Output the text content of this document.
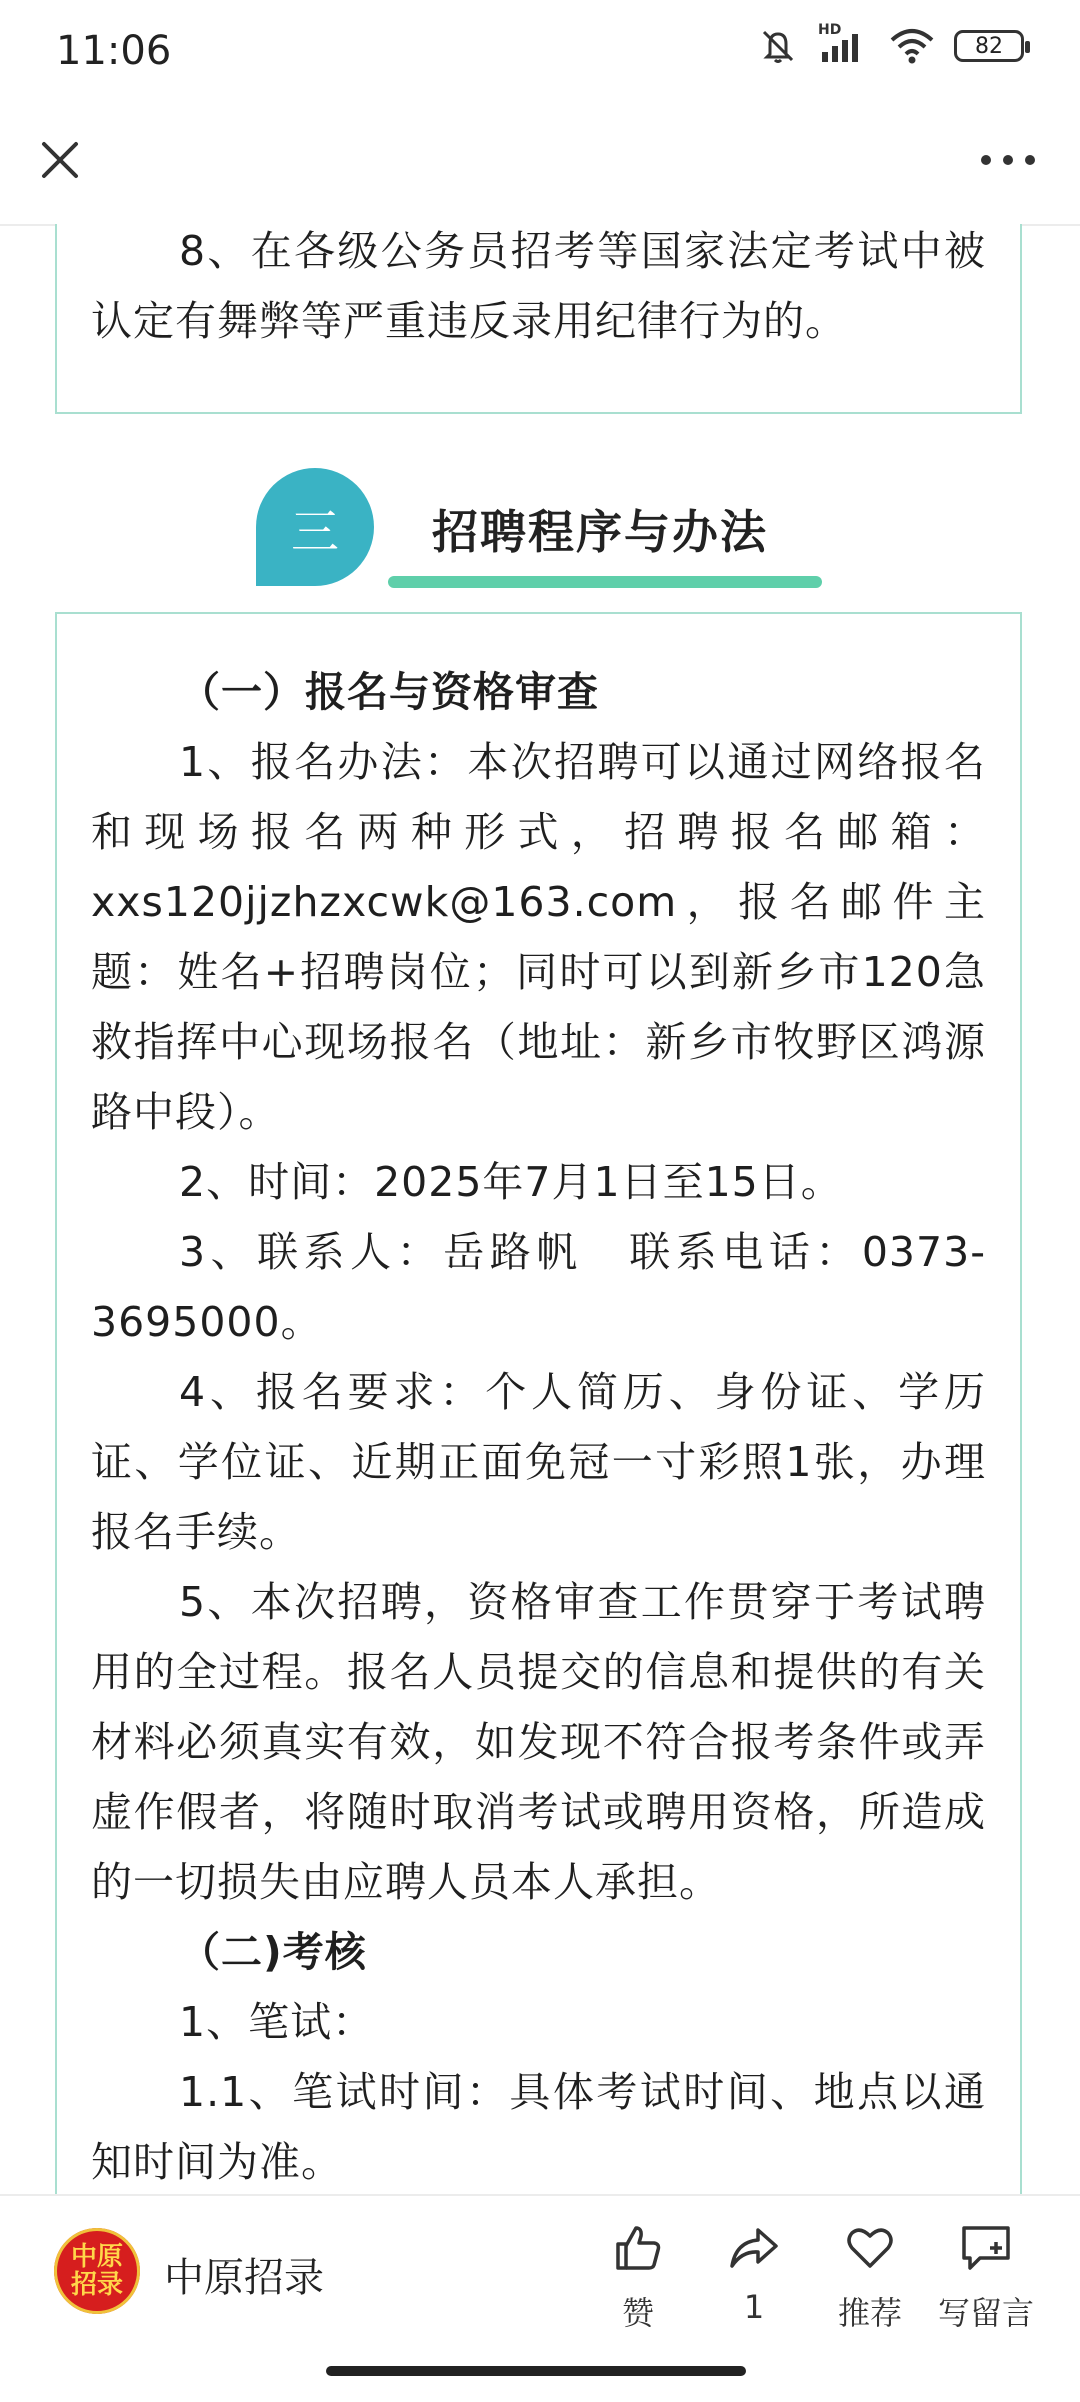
11:06	HD
82

8、在各级公务员招考等国家法定考试中被认定有舞弊等严重违反录用纪律行为的。

三	招聘程序与办法

（一）报名与资格审查

1、报名办法：本次招聘可以通过网络报名和现场报名两种形式，招聘报名邮箱：xxs120jjzhzxcwk@163.com，报名邮件主题：姓名+招聘岗位；同时可以到新乡市120急救指挥中心现场报名（地址：新乡市牧野区鸿源路中段）。

2、时间：2025年7月1日至15日。

3、联系人：岳路帆　联系电话：0373-3695000。

4、报名要求：个人简历、身份证、学历证、学位证、近期正面免冠一寸彩照1张，办理报名手续。

5、本次招聘，资格审查工作贯穿于考试聘用的全过程。报名人员提交的信息和提供的有关材料必须真实有效，如发现不符合报考条件或弄虚作假者，将随时取消考试或聘用资格，所造成的一切损失由应聘人员本人承担。

（二)考核

1、笔试：

1.1、笔试时间：具体考试时间、地点以通知时间为准。

中原
招录 中原招录
赞	1 推荐 写留言
